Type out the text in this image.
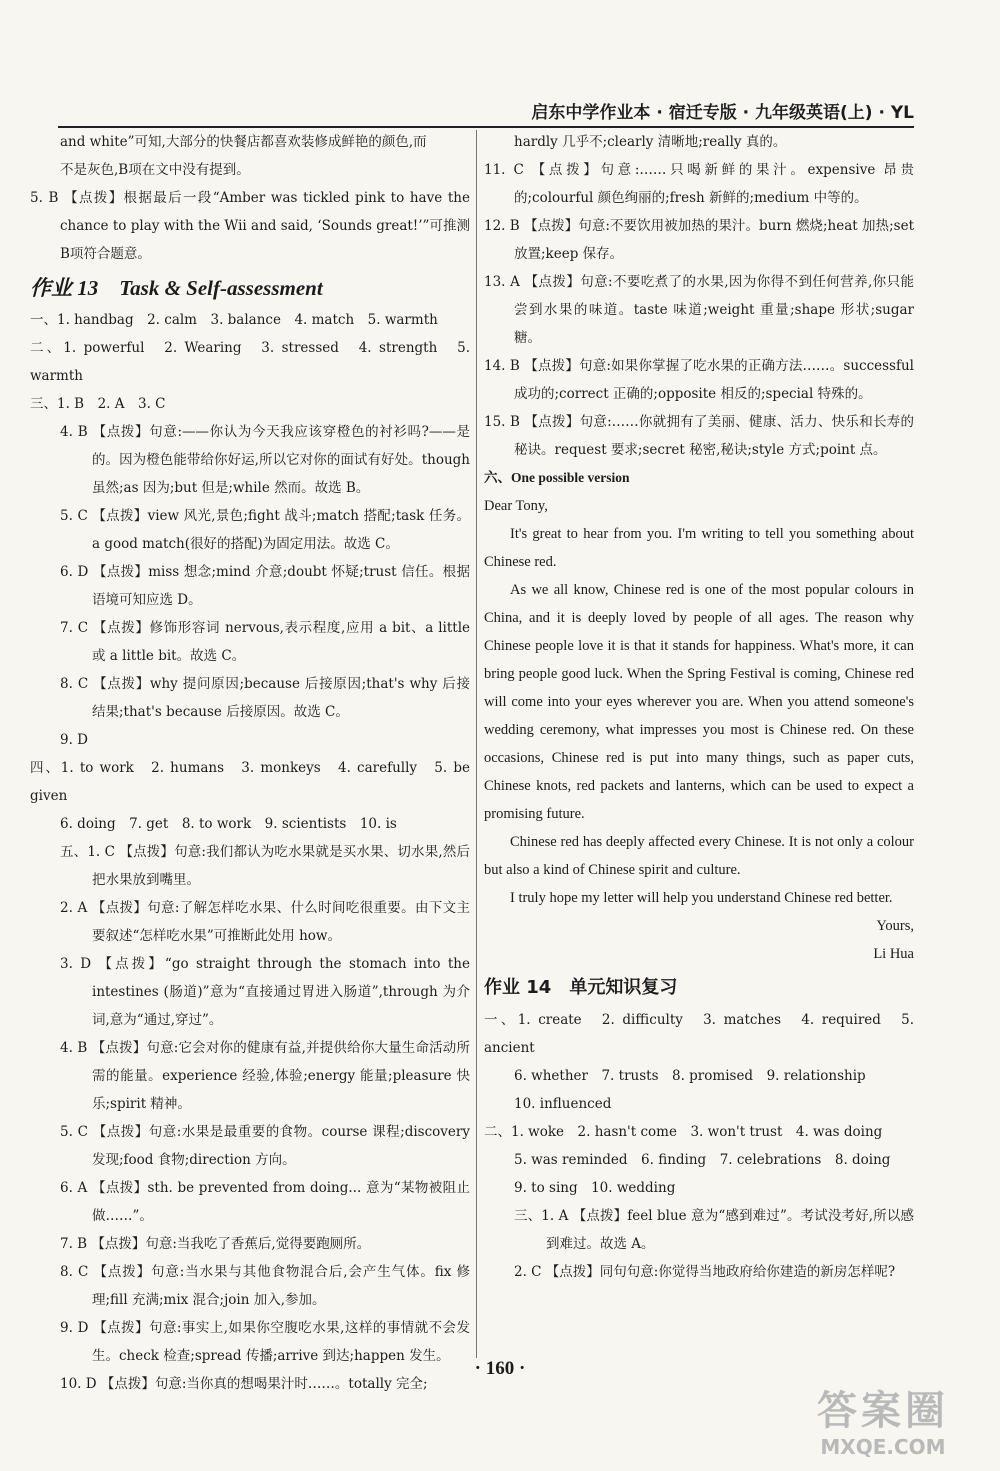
启东中学作业本 · 宿迁专版 · 九年级英语(上) · YL
and white”可知,大部分的快餐店都喜欢装修成鲜艳的颜色,而
不是灰色,B项在文中没有提到。
5. B 【点拨】根据最后一段“Amber was tickled pink to have the chance to play with the Wii and said, ‘Sounds great!’”可推测B项符合题意。
作业 13　Task & Self-assessment
一、1. handbag　2. calm　3. balance　4. match　5. warmth
二、1. powerful　2. Wearing　3. stressed　4. strength　5. warmth
三、1. B　2. A　3. C
4. B 【点拨】句意:——你认为今天我应该穿橙色的衬衫吗?——是的。因为橙色能带给你好运,所以它对你的面试有好处。though 虽然;as 因为;but 但是;while 然而。故选 B。
5. C 【点拨】view 风光,景色;fight 战斗;match 搭配;task 任务。a good match(很好的搭配)为固定用法。故选 C。
6. D 【点拨】miss 想念;mind 介意;doubt 怀疑;trust 信任。根据语境可知应选 D。
7. C 【点拨】修饰形容词 nervous,表示程度,应用 a bit、a little 或 a little bit。故选 C。
8. C 【点拨】why 提问原因;because 后接原因;that's why 后接结果;that's because 后接原因。故选 C。
9. D
四、1. to work　2. humans　3. monkeys　4. carefully　5. be given
6. doing　7. get　8. to work　9. scientists　10. is
五、1. C 【点拨】句意:我们都认为吃水果就是买水果、切水果,然后把水果放到嘴里。
2. A 【点拨】句意:了解怎样吃水果、什么时间吃很重要。由下文主要叙述“怎样吃水果”可推断此处用 how。
3. D 【点拨】“go straight through the stomach into the intestines (肠道)”意为“直接通过胃进入肠道”,through 为介词,意为“通过,穿过”。
4. B 【点拨】句意:它会对你的健康有益,并提供给你大量生命活动所需的能量。experience 经验,体验;energy 能量;pleasure 快乐;spirit 精神。
5. C 【点拨】句意:水果是最重要的食物。course 课程;discovery 发现;food 食物;direction 方向。
6. A 【点拨】sth. be prevented from doing... 意为“某物被阻止做……”。
7. B 【点拨】句意:当我吃了香蕉后,觉得要跑厕所。
8. C 【点拨】句意:当水果与其他食物混合后,会产生气体。fix 修理;fill 充满;mix 混合;join 加入,参加。
9. D 【点拨】句意:事实上,如果你空腹吃水果,这样的事情就不会发生。check 检查;spread 传播;arrive 到达;happen 发生。
10. D 【点拨】句意:当你真的想喝果汁时……。totally 完全;
hardly 几乎不;clearly 清晰地;really 真的。
11. C 【点拨】句意:……只喝新鲜的果汁。expensive 昂贵的;colourful 颜色绚丽的;fresh 新鲜的;medium 中等的。
12. B 【点拨】句意:不要饮用被加热的果汁。burn 燃烧;heat 加热;set 放置;keep 保存。
13. A 【点拨】句意:不要吃煮了的水果,因为你得不到任何营养,你只能尝到水果的味道。taste 味道;weight 重量;shape 形状;sugar 糖。
14. B 【点拨】句意:如果你掌握了吃水果的正确方法……。successful 成功的;correct 正确的;opposite 相反的;special 特殊的。
15. B 【点拨】句意:……你就拥有了美丽、健康、活力、快乐和长寿的秘诀。request 要求;secret 秘密,秘诀;style 方式;point 点。

六、One possible version

Dear Tony,

It's great to hear from you. I'm writing to tell you something about Chinese red.

As we all know, Chinese red is one of the most popular colours in China, and it is deeply loved by people of all ages. The reason why Chinese people love it is that it stands for happiness. What's more, it can bring people good luck. When the Spring Festival is coming, Chinese red will come into your eyes wherever you are. When you attend someone's wedding ceremony, what impresses you most is Chinese red. On these occasions, Chinese red is put into many things, such as paper cuts, Chinese knots, red packets and lanterns, which can be used to expect a promising future.

Chinese red has deeply affected every Chinese. It is not only a colour but also a kind of Chinese spirit and culture.

I truly hope my letter will help you understand Chinese red better.

Yours,

Li Hua

作业 14　单元知识复习
一、1. create　2. difficulty　3. matches　4. required　5. ancient
6. whether　7. trusts　8. promised　9. relationship
10. influenced
二、1. woke　2. hasn't come　3. won't trust　4. was doing
5. was reminded　6. finding　7. celebrations　8. doing
9. to sing　10. wedding
三、1. A 【点拨】feel blue 意为“感到难过”。考试没考好,所以感到难过。故选 A。
2. C 【点拨】同句句意:你觉得当地政府给你建造的新房怎样呢?
· 160 ·
答案圈
MXQE.COM
